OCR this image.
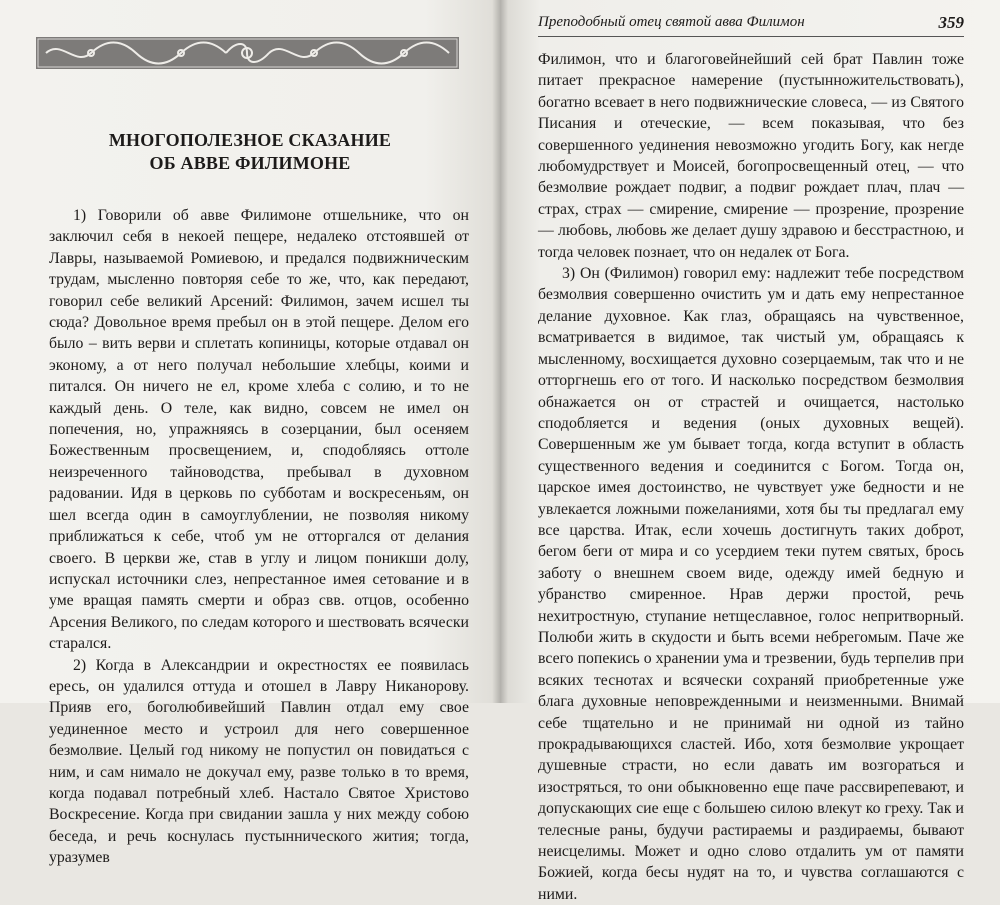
МНОГОПОЛЕЗНОЕ СКАЗАНИЕ
ОБ АВВЕ ФИЛИМОНЕ

1) Говорили об авве Филимоне отшельнике, что он заключил себя в некоей пещере, недалеко отстоявшей от Лавры, называемой Ромиевою, и предался подвижническим трудам, мысленно повторяя себе то же, что, как передают, говорил себе великий Арсений: Филимон, зачем исшел ты сюда? Довольное время пребыл он в этой пещере. Делом его было – вить верви и сплетать копиницы, которые отдавал он эконому, а от него получал небольшие хлебцы, коими и питался. Он ничего не ел, кроме хлеба с солию, и то не каждый день. О теле, как видно, совсем не имел он попечения, но, упражняясь в созерцании, был осеняем Божественным просвещением, и, сподобляясь оттоле неизреченного тайноводства, пребывал в духовном радовании. Идя в церковь по субботам и воскресеньям, он шел всегда один в самоуглублении, не позволяя никому приближаться к себе, чтоб ум не отторгался от делания своего. В церкви же, став в углу и лицом поникши долу, испускал источники слез, непрестанное имея сетование и в уме вращая память смерти и образ свв. отцов, особенно Арсения Великого, по следам которого и шествовать всячески старался.

2) Когда в Александрии и окрестностях ее появилась ересь, он удалился оттуда и отошел в Лавру Никанорову. Прияв его, боголюбивейший Павлин отдал ему свое уединенное место и устроил для него совершенное безмолвие. Целый год никому не попустил он повидаться с ним, и сам нимало не докучал ему, разве только в то время, когда подавал потребный хлеб. Настало Святое Христово Воскресение. Когда при свидании зашла у них между собою беседа, и речь коснулась пустыннического жития; тогда, уразумев

Преподобный отец святой авва Филимон	359

Филимон, что и благоговейнейший сей брат Павлин тоже питает прекрасное намерение (пустынножительствовать), богатно всевает в него подвижнические словеса, — из Святого Писания и отеческие, — всем показывая, что без совершенного уединения невозможно угодить Богу, как негде любомудрствует и Моисей, богопросвещенный отец, — что безмолвие рождает подвиг, а подвиг рождает плач, плач — страх, страх — смирение, смирение — прозрение, прозрение — любовь, любовь же делает душу здравою и бесстрастною, и тогда человек познает, что он недалек от Бога.

3) Он (Филимон) говорил ему: надлежит тебе посредством безмолвия совершенно очистить ум и дать ему непрестанное делание духовное. Как глаз, обращаясь на чувственное, всматривается в видимое, так чистый ум, обращаясь к мысленному, восхищается духовно созерцаемым, так что и не отторгнешь его от того. И насколько посредством безмолвия обнажается он от страстей и очищается, настолько сподобляется и ведения (оных духовных вещей). Совершенным же ум бывает тогда, когда вступит в область существенного ведения и соединится с Богом. Тогда он, царское имея достоинство, не чувствует уже бедности и не увлекается ложными пожеланиями, хотя бы ты предлагал ему все царства. Итак, если хочешь достигнуть таких доброт, бегом беги от мира и со усердием теки путем святых, брось заботу о внешнем своем виде, одежду имей бедную и убранство смиренное. Нрав держи простой, речь нехитростную, ступание нетщеславное, голос непритворный. Полюби жить в скудости и быть всеми небрегомым. Паче же всего попекись о хранении ума и трезвении, будь терпелив при всяких теснотах и всячески сохраняй приобретенные уже блага духовные неповрежденными и неизменными. Внимай себе тщательно и не принимай ни одной из тайно прокрадывающихся сластей. Ибо, хотя безмолвие укрощает душевные страсти, но если давать им возгораться и изостряться, то они обыкновенно еще паче рассвирепевают, и допускающих сие еще с большею силою влекут ко греху. Так и телесные раны, будучи растираемы и раздираемы, бывают неисцелимы. Может и одно слово отдалить ум от памяти Божией, когда бесы нудят на то, и чувства соглашаются с ними.
